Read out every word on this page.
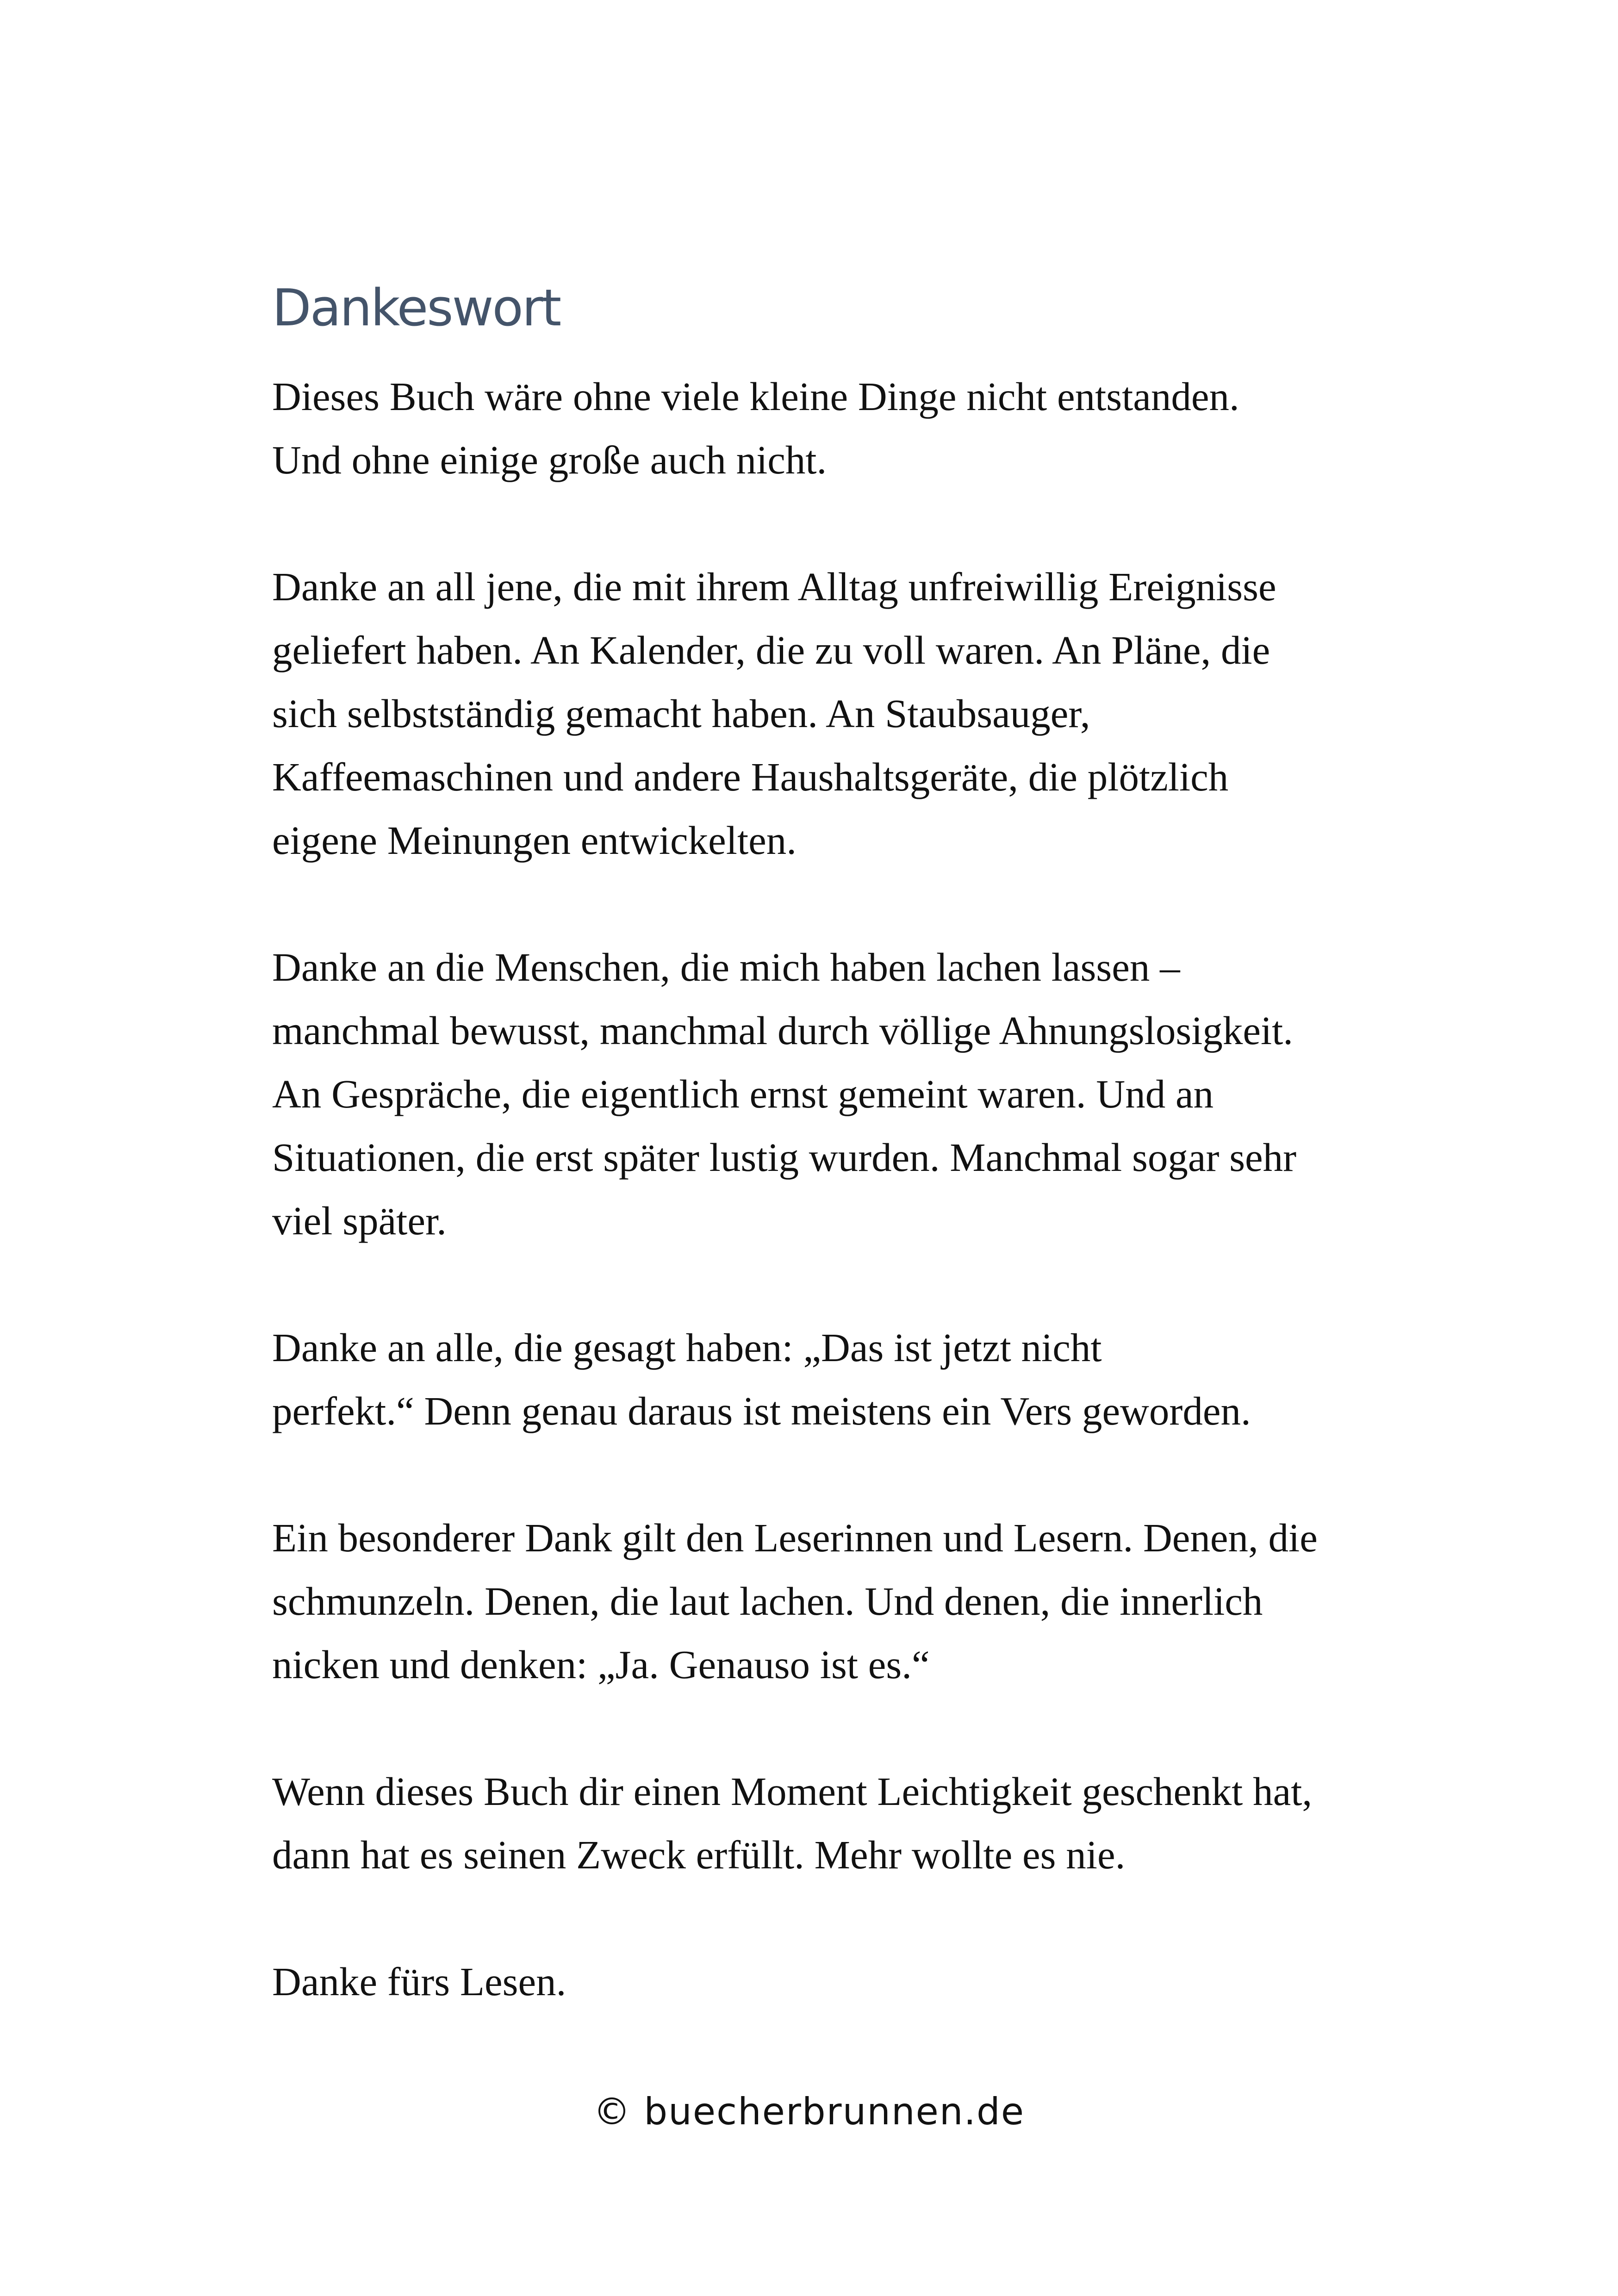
Dankeswort

Dieses Buch wäre ohne viele kleine Dinge nicht entstanden.
Und ohne einige große auch nicht.

Danke an all jene, die mit ihrem Alltag unfreiwillig Ereignisse
geliefert haben. An Kalender, die zu voll waren. An Pläne, die
sich selbstständig gemacht haben. An Staubsauger,
Kaffeemaschinen und andere Haushaltsgeräte, die plötzlich
eigene Meinungen entwickelten.

Danke an die Menschen, die mich haben lachen lassen –
manchmal bewusst, manchmal durch völlige Ahnungslosigkeit.
An Gespräche, die eigentlich ernst gemeint waren. Und an
Situationen, die erst später lustig wurden. Manchmal sogar sehr
viel später.

Danke an alle, die gesagt haben: „Das ist jetzt nicht
perfekt.“ Denn genau daraus ist meistens ein Vers geworden.

Ein besonderer Dank gilt den Leserinnen und Lesern. Denen, die
schmunzeln. Denen, die laut lachen. Und denen, die innerlich
nicken und denken: „Ja. Genauso ist es.“

Wenn dieses Buch dir einen Moment Leichtigkeit geschenkt hat,
dann hat es seinen Zweck erfüllt. Mehr wollte es nie.

Danke fürs Lesen.

© buecherbrunnen.de
